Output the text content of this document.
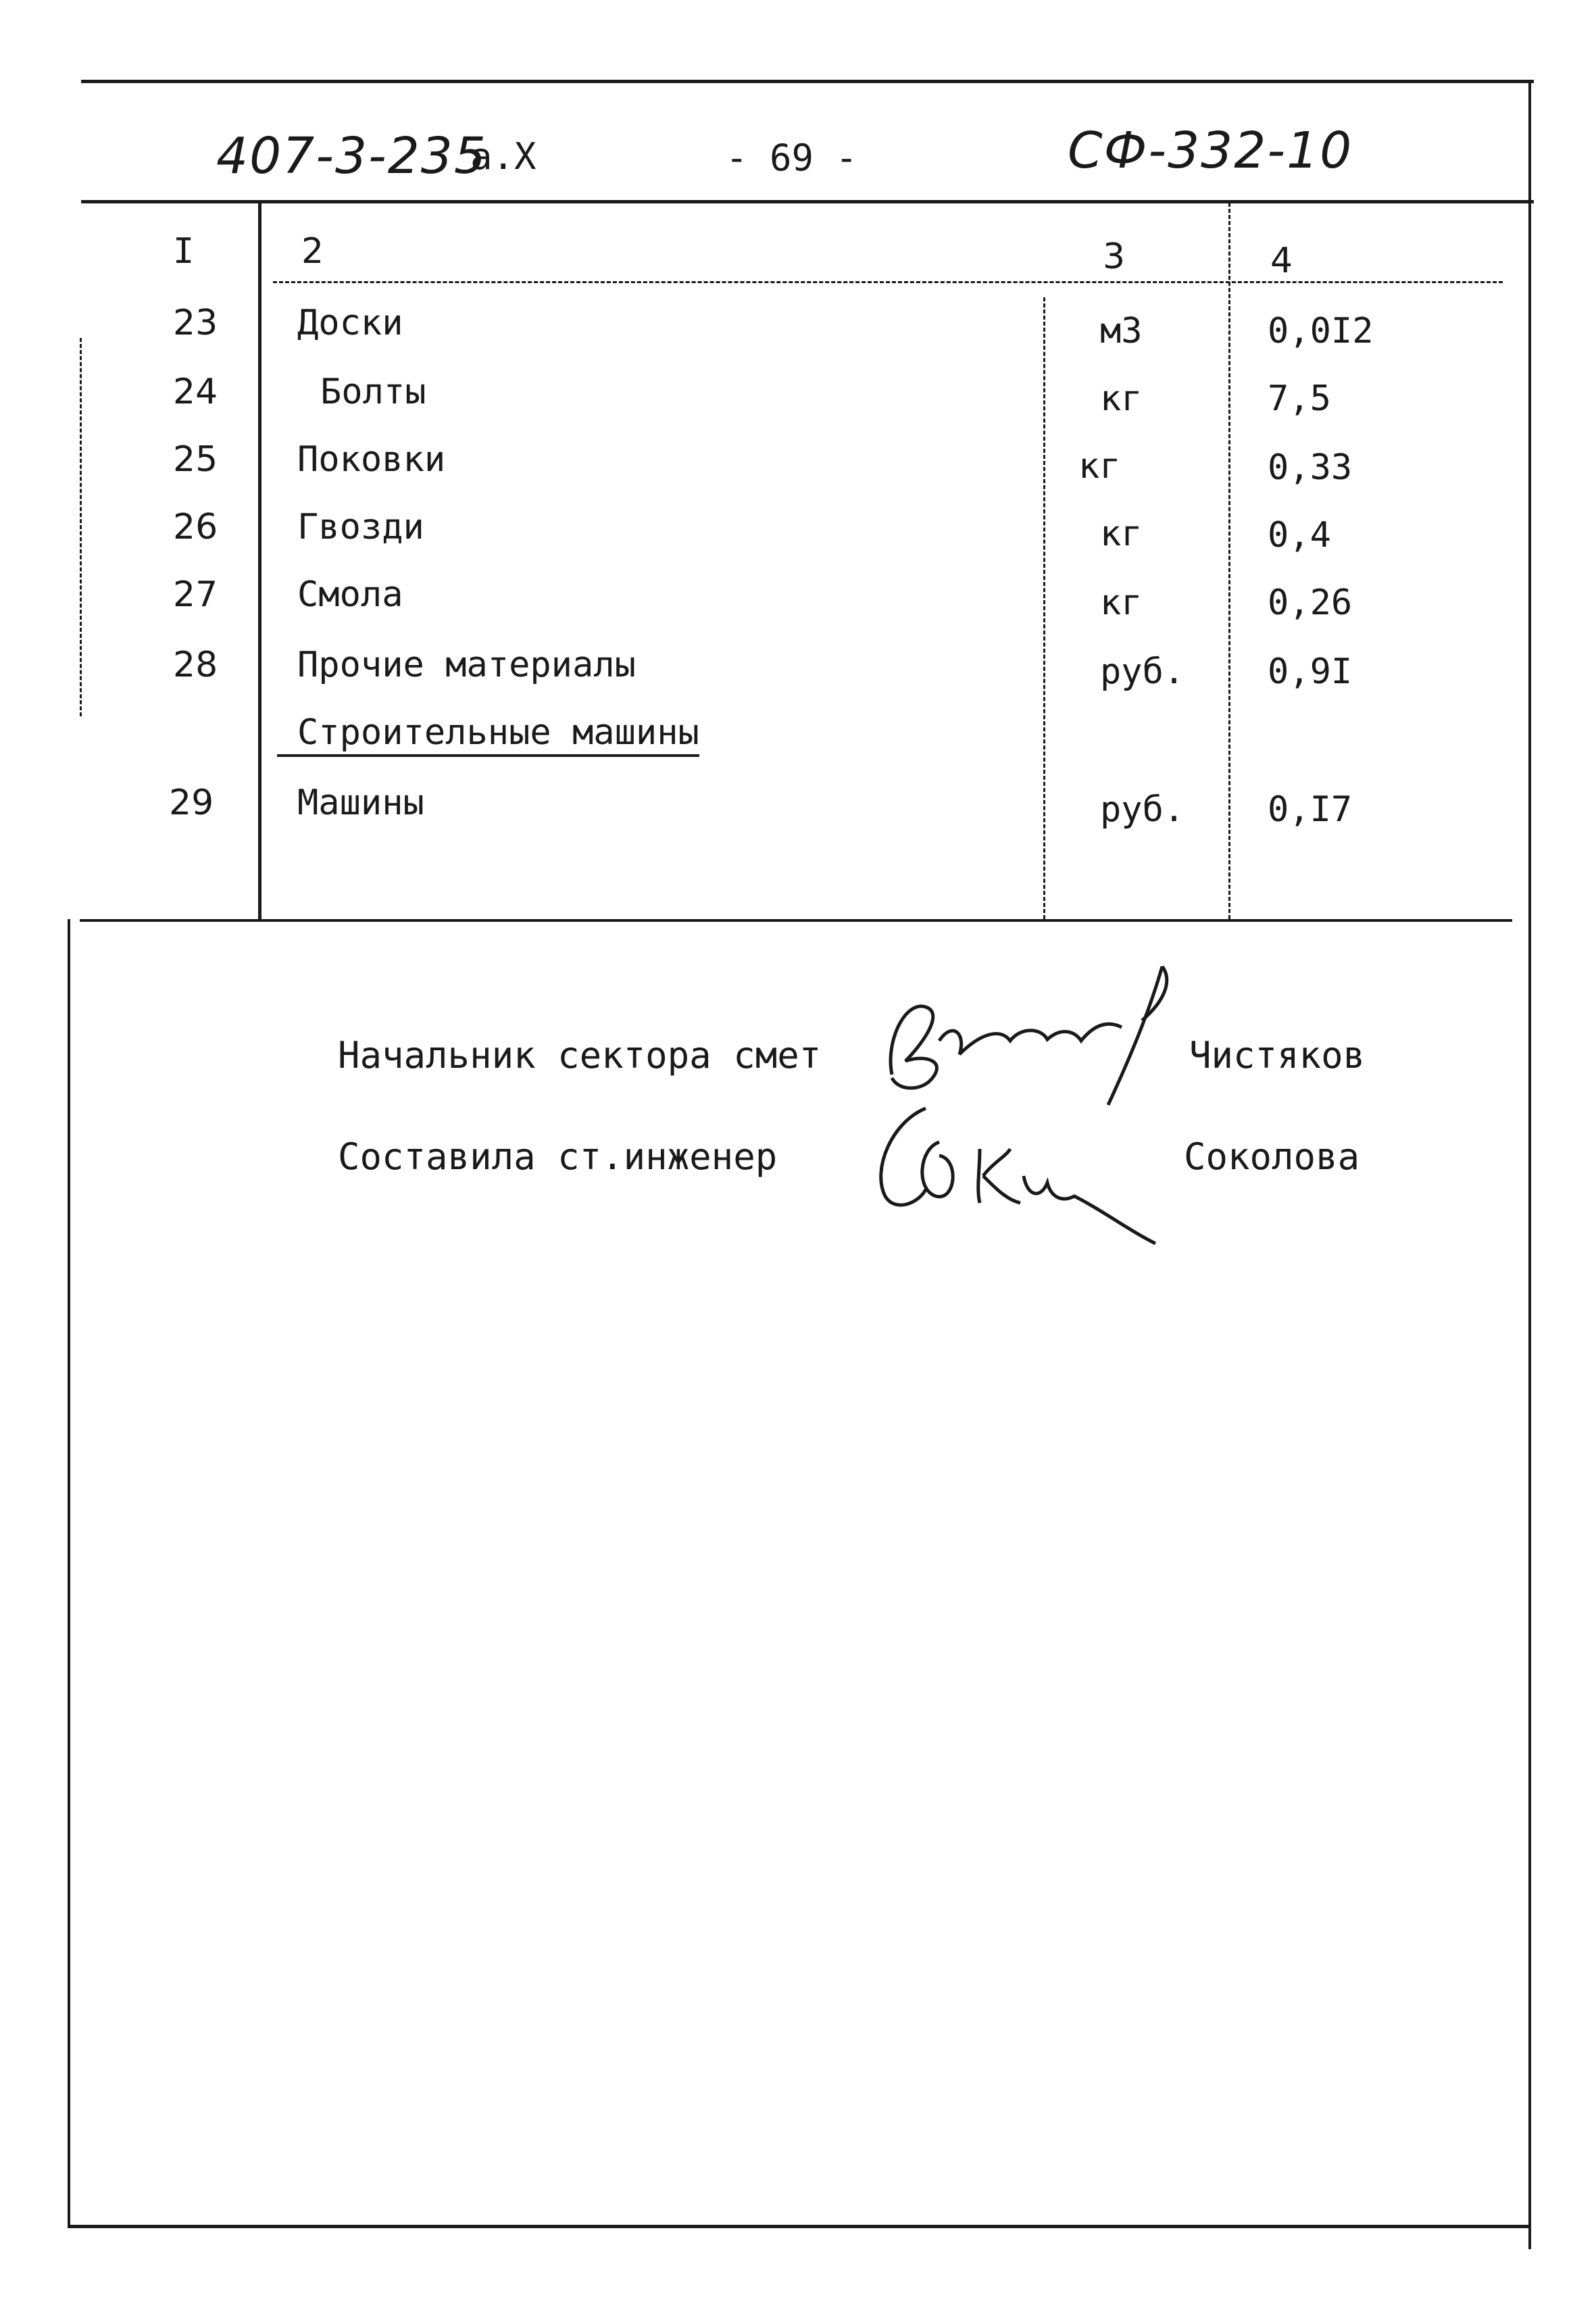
407-3-235
а.Х	- 69 -	СФ-332-10
I	2	3	4
23 Доски	м3	0,0I2
24	Болты	кг	7,5
25 Поковки	кг	0,33
26 Гвозди	кг	0,4
27 Смола	кг	0,26
28 Прочие материалы	руб. 0,9I
Строительные машины
29 Машины	руб. 0,I7
Начальник сектора смет	Чистяков
Составила ст.инженер	Соколова
